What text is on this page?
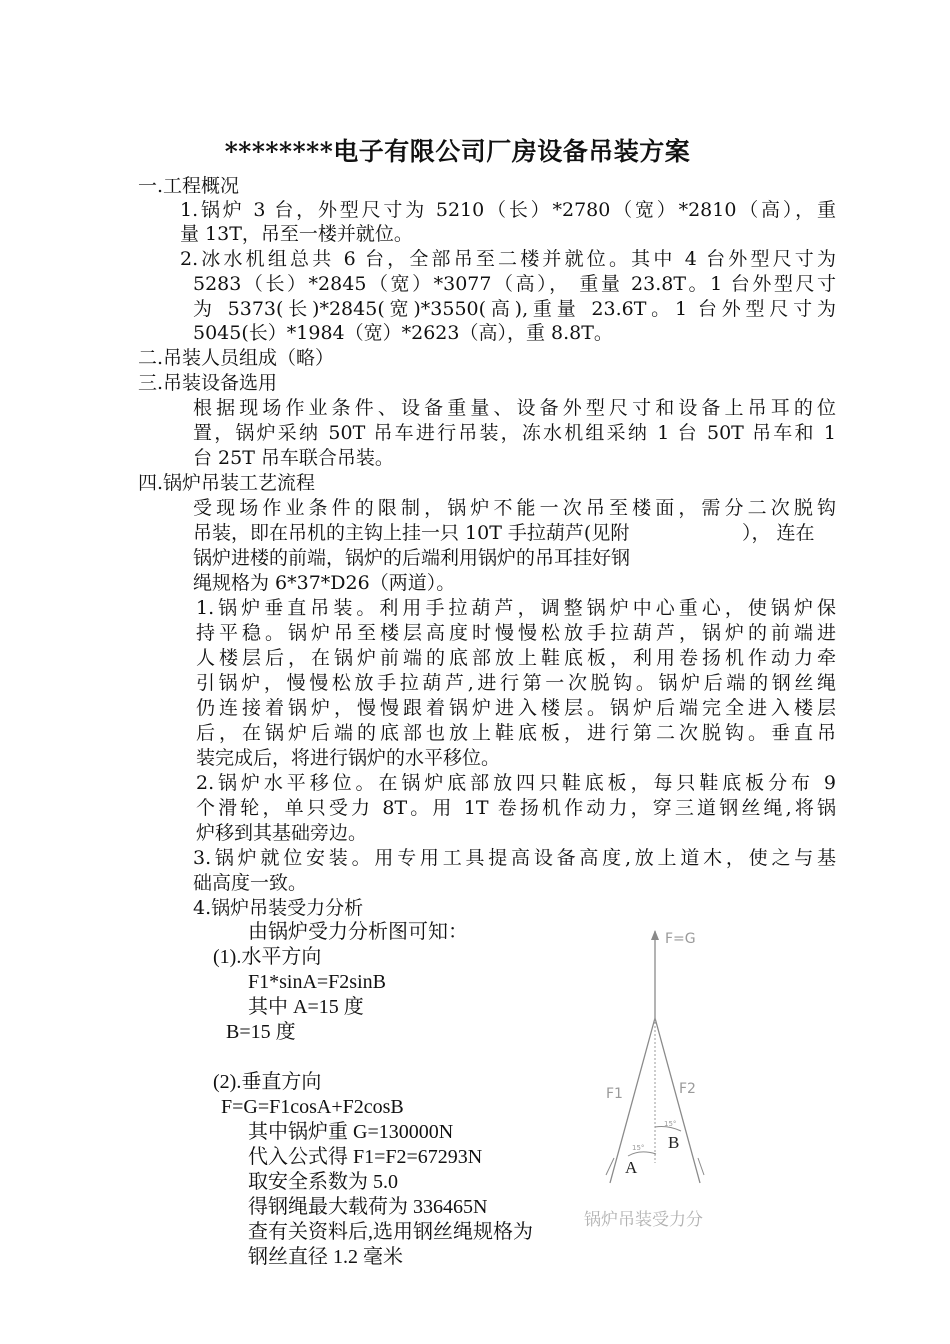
********电子有限公司厂房设备吊装方案
一.工程概况
1.锅炉 3 台，外型尺寸为 5210（长）*2780（宽）*2810（高），重
量 13T，吊至一楼并就位。
2.冰水机组总共 6 台，全部吊至二楼并就位。其中 4 台外型尺寸为
5283（长）*2845（宽）*3077（高）， 重量 23.8T。1 台外型尺寸
为 5373(长)*2845(宽)*3550(高),重量 23.6T。1 台外型尺寸为
5045(长）*1984（宽）*2623（高），重 8.8T。
二.吊装人员组成（略）
三.吊装设备选用
根据现场作业条件、设备重量、设备外型尺寸和设备上吊耳的位
置，锅炉采纳 50T 吊车进行吊装，冻水机组采纳 1 台 50T 吊车和 1
台 25T 吊车联合吊装。
四.锅炉吊装工艺流程
受现场作业条件的限制，锅炉不能一次吊至楼面，需分二次脱钩
吊装，即在吊机的主钩上挂一只 10T 手拉葫芦(见附	）， 连在
锅炉进楼的前端，锅炉的后端利用锅炉的吊耳挂好钢
绳规格为 6*37*D26（两道）。
1.锅炉垂直吊装。利用手拉葫芦，调整锅炉中心重心，使锅炉保
持平稳。锅炉吊至楼层高度时慢慢松放手拉葫芦，锅炉的前端进
人楼层后，在锅炉前端的底部放上鞋底板，利用卷扬机作动力牵
引锅炉，慢慢松放手拉葫芦,进行第一次脱钩。锅炉后端的钢丝绳
仍连接着锅炉，慢慢跟着锅炉进入楼层。锅炉后端完全进入楼层
后，在锅炉后端的底部也放上鞋底板，进行第二次脱钩。垂直吊
装完成后，将进行锅炉的水平移位。
2.锅炉水平移位。在锅炉底部放四只鞋底板，每只鞋底板分布 9
个滑轮，单只受力 8T。用 1T 卷扬机作动力，穿三道钢丝绳,将锅
炉移到其基础旁边。
3.锅炉就位安装。用专用工具提高设备高度,放上道木，使之与基
础高度一致。
4.锅炉吊装受力分析
由锅炉受力分析图可知：
(1).水平方向
F1*sinA=F2sinB
其中 A=15 度
B=15 度
(2).垂直方向
F=G=F1cosA+F2cosB
其中锅炉重 G=130000N
代入公式得 F1=F2=67293N
取安全系数为 5.0
得钢绳最大载荷为 336465N
查有关资料后,选用钢丝绳规格为
钢丝直径 1.2 毫米
F=G
F1	F2
15°
15°
A
B
锅炉吊装受力分
